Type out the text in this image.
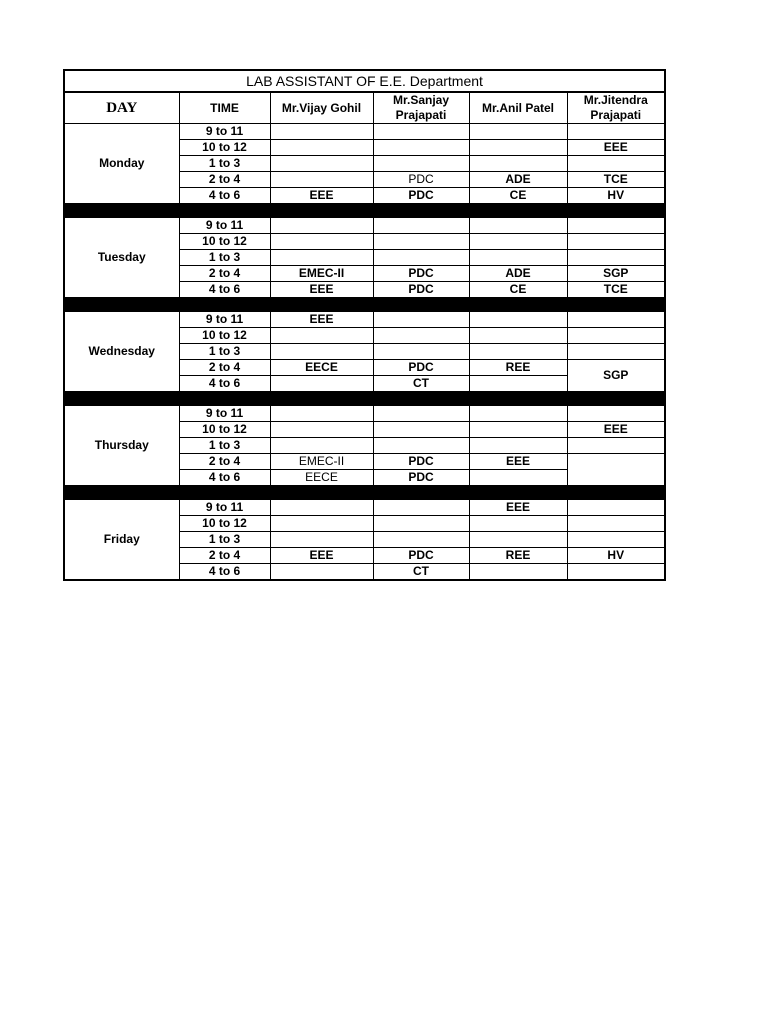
LAB ASSISTANT OF E.E. Department					
DAY	TIME	Mr.Vijay Gohil	Mr.Sanjay Prajapati	Mr.Anil Patel	Mr.Jitendra Prajapati
Monday	9 to 11				
	10 to 12				EEE
	1 to 3				
	2 to 4		PDC	ADE	TCE
	4 to 6	EEE	PDC	CE	HV

Tuesday	9 to 11				
	10 to 12				
	1 to 3				
	2 to 4	EMEC-II	PDC	ADE	SGP
	4 to 6	EEE	PDC	CE	TCE

Wednesday	9 to 11	EEE			
	10 to 12				
	1 to 3				
	2 to 4	EECE	PDC	REE	SGP
	4 to 6		CT		

Thursday	9 to 11				
	10 to 12				EEE
	1 to 3				
	2 to 4	EMEC-II	PDC	EEE	
	4 to 6	EECE	PDC		

Friday	9 to 11			EEE	
	10 to 12				
	1 to 3				
	2 to 4	EEE	PDC	REE	HV
	4 to 6		CT		
